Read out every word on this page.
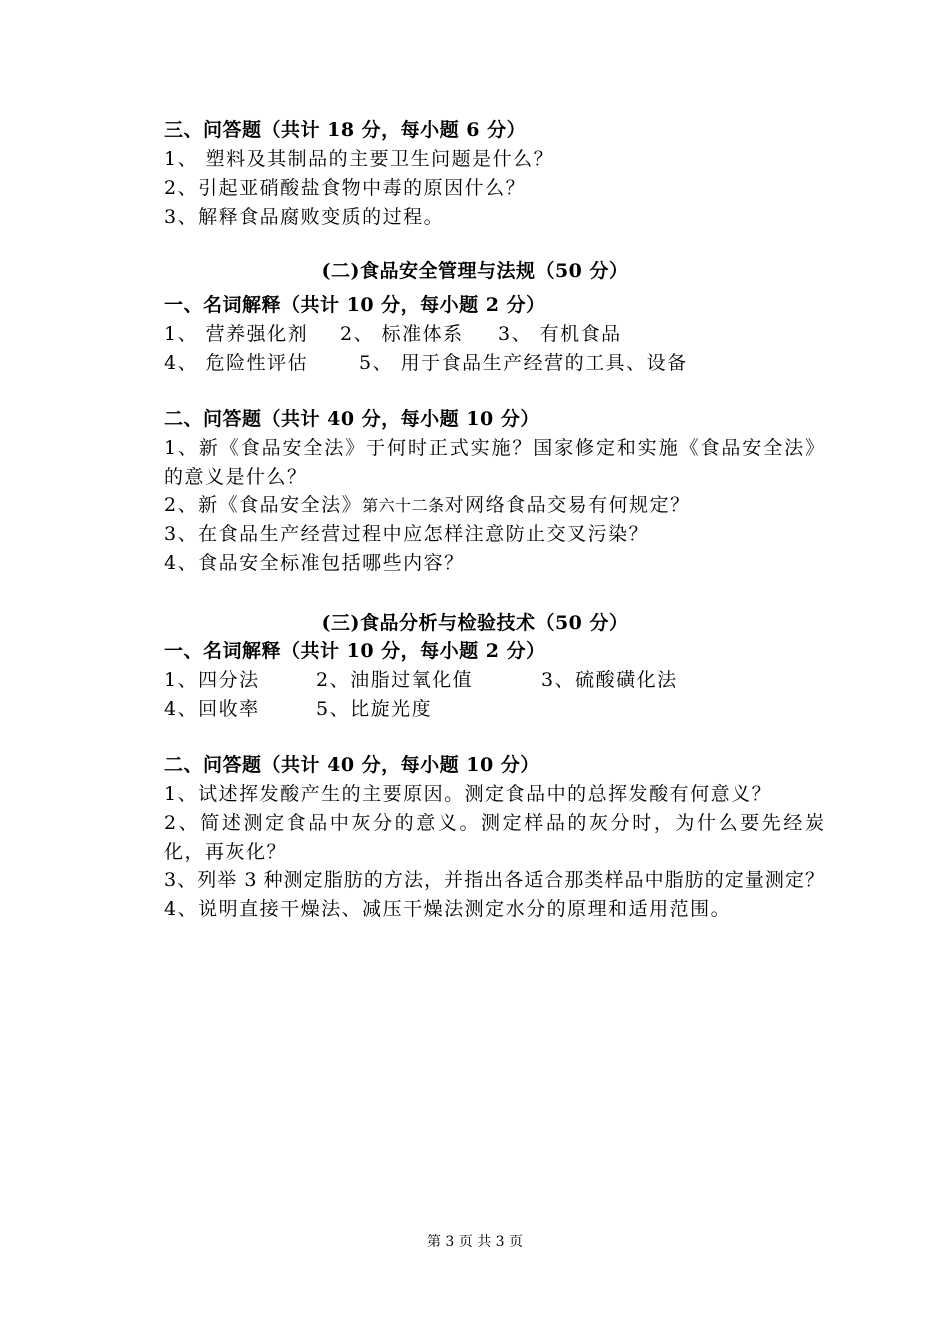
三、问答题（共计 18 分，每小题 6 分）
1、 塑料及其制品的主要卫生问题是什么？
2、引起亚硝酸盐食物中毒的原因什么？
3、解释食品腐败变质的过程。
(二)食品安全管理与法规（50 分）
一、名词解释（共计 10 分，每小题 2 分）
1、 营养强化剂 2、 标准体系 3、 有机食品
4、 危险性评估	5、 用于食品生产经营的工具、设备
二、问答题（共计 40 分，每小题 10 分）
1、新《食品安全法》于何时正式实施？国家修定和实施《食品安全法》
的意义是什么？
2、新《食品安全法》第六十二条对网络食品交易有何规定？
3、在食品生产经营过程中应怎样注意防止交叉污染？
4、食品安全标准包括哪些内容？
(三)食品分析与检验技术（50 分）
一、名词解释（共计 10 分，每小题 2 分）
1、四分法	2、油脂过氧化值	3、硫酸磺化法
4、回收率	5、比旋光度
二、问答题（共计 40 分，每小题 10 分）
1、试述挥发酸产生的主要原因。测定食品中的总挥发酸有何意义？
2、简述测定食品中灰分的意义。测定样品的灰分时，为什么要先经炭
化，再灰化？
3、列举 3 种测定脂肪的方法，并指出各适合那类样品中脂肪的定量测定？
4、说明直接干燥法、减压干燥法测定水分的原理和适用范围。
第 3 页 共 3 页
